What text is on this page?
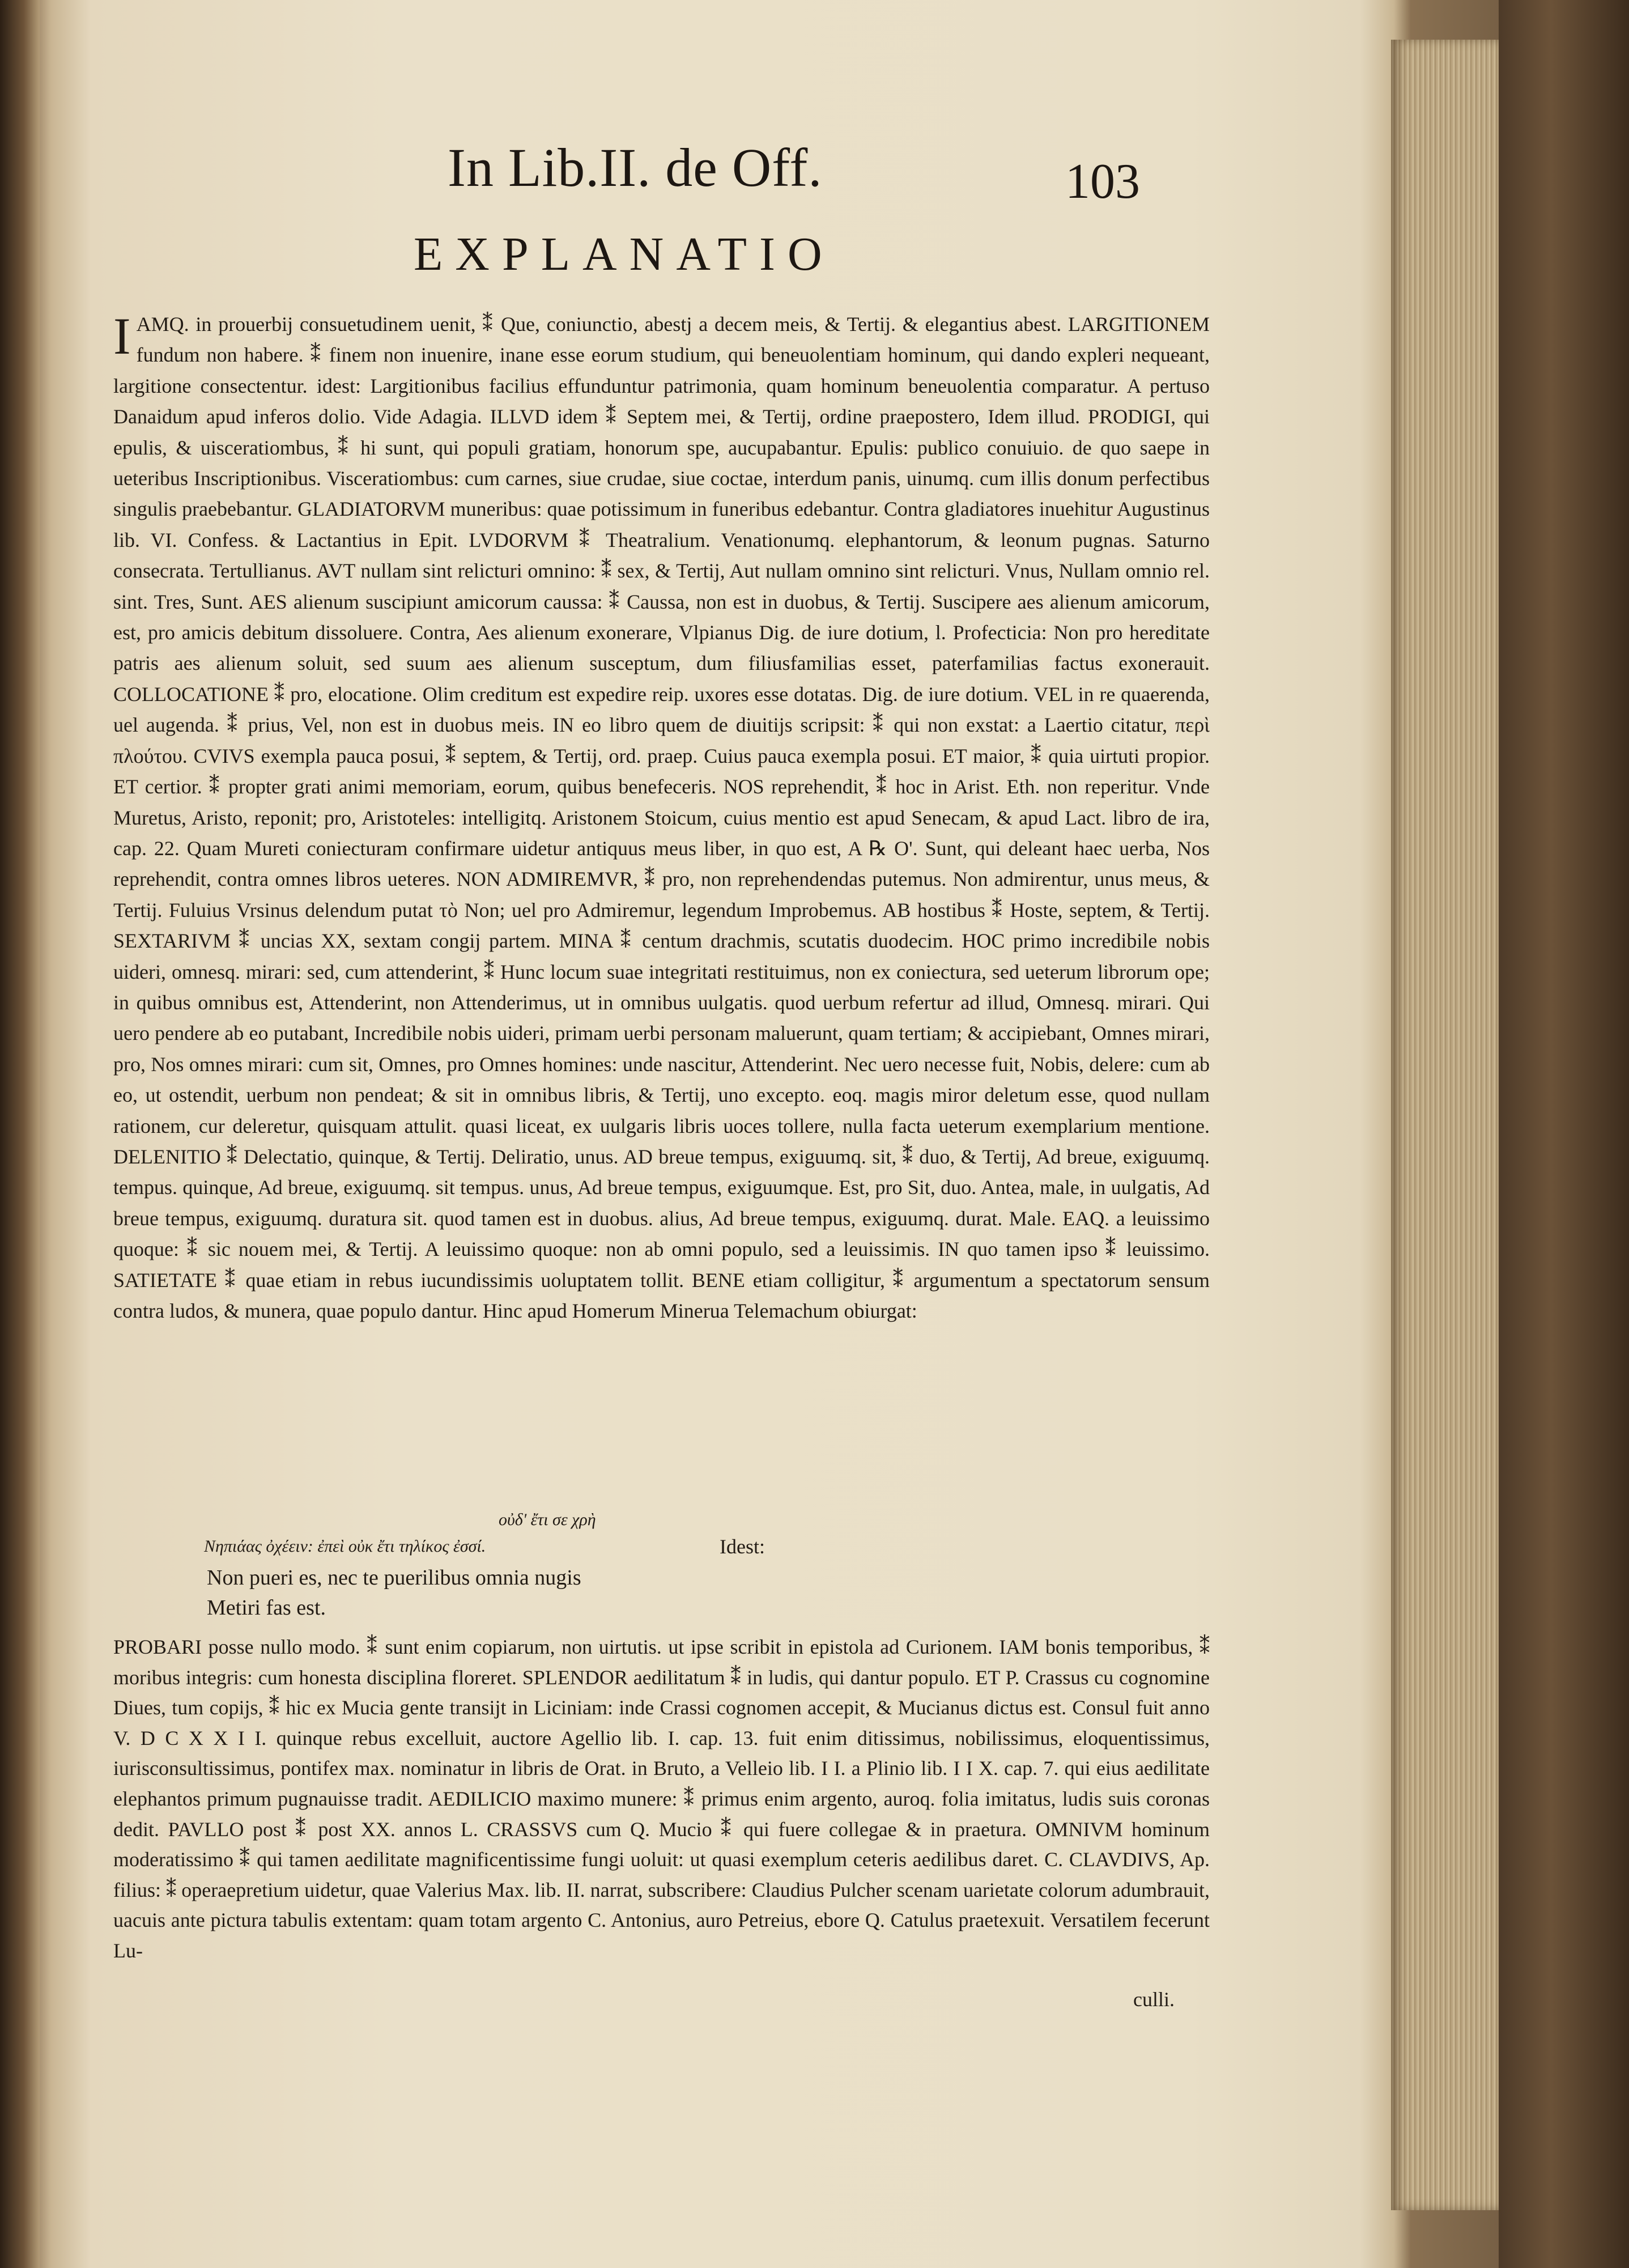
In Lib.II. de Off.	103
EXPLANATIO

IAMQ. in prouerbij consuetudinem uenit, ⁑ Que, coniunctio, abestj a decem meis, & Tertij. & elegantius abest. LARGITIONEM fundum non habere. ⁑ finem non inuenire, inane esse eorum studium, qui beneuolentiam hominum, qui dando expleri nequeant, largitione consectentur. idest: Largitionibus facilius effunduntur patrimonia, quam hominum beneuolentia comparatur. A pertuso Danaidum apud inferos dolio. Vide Adagia. ILLVD idem ⁑ Septem mei, & Tertij, ordine praepostero, Idem illud. PRODIGI, qui epulis, & uisceratiombus, ⁑ hi sunt, qui populi gratiam, honorum spe, aucupabantur. Epulis: publico conuiuio. de quo saepe in ueteribus Inscriptionibus. Visceratiombus: cum carnes, siue crudae, siue coctae, interdum panis, uinumq. cum illis donum perfectibus singulis praebebantur. GLADIATORVM muneribus: quae potissimum in funeribus edebantur. Contra gladiatores inuehitur Augustinus lib. VI. Confess. & Lactantius in Epit. LVDORVM ⁑ Theatralium. Venationumq. elephantorum, & leonum pugnas. Saturno consecrata. Tertullianus. AVT nullam sint relicturi omnino: ⁑ sex, & Tertij, Aut nullam omnino sint relicturi. Vnus, Nullam omnio rel. sint. Tres, Sunt. AES alienum suscipiunt amicorum caussa: ⁑ Caussa, non est in duobus, & Tertij. Suscipere aes alienum amicorum, est, pro amicis debitum dissoluere. Contra, Aes alienum exonerare, Vlpianus Dig. de iure dotium, l. Profecticia: Non pro hereditate patris aes alienum soluit, sed suum aes alienum susceptum, dum filiusfamilias esset, paterfamilias factus exonerauit. COLLOCATIONE ⁑ pro, elocatione. Olim creditum est expedire reip. uxores esse dotatas. Dig. de iure dotium. VEL in re quaerenda, uel augenda. ⁑ prius, Vel, non est in duobus meis. IN eo libro quem de diuitijs scripsit: ⁑ qui non exstat: a Laertio citatur, περὶ πλούτου. CVIVS exempla pauca posui, ⁑ septem, & Tertij, ord. praep. Cuius pauca exempla posui. ET maior, ⁑ quia uirtuti propior. ET certior. ⁑ propter grati animi memoriam, eorum, quibus benefeceris. NOS reprehendit, ⁑ hoc in Arist. Eth. non reperitur. Vnde Muretus, Aristo, reponit; pro, Aristoteles: intelligitq. Aristonem Stoicum, cuius mentio est apud Senecam, & apud Lact. libro de ira, cap. 22. Quam Mureti coniecturam confirmare uidetur antiquus meus liber, in quo est, A ℞ O'. Sunt, qui deleant haec uerba, Nos reprehendit, contra omnes libros ueteres. NON ADMIREMVR, ⁑ pro, non reprehendendas putemus. Non admirentur, unus meus, & Tertij. Fuluius Vrsinus delendum putat τὸ Non; uel pro Admiremur, legendum Improbemus. AB hostibus ⁑ Hoste, septem, & Tertij. SEXTARIVM ⁑ uncias XX, sextam congij partem. MINA ⁑ centum drachmis, scutatis duodecim. HOC primo incredibile nobis uideri, omnesq. mirari: sed, cum attenderint, ⁑ Hunc locum suae integritati restituimus, non ex coniectura, sed ueterum librorum ope; in quibus omnibus est, Attenderint, non Attenderimus, ut in omnibus uulgatis. quod uerbum refertur ad illud, Omnesq. mirari. Qui uero pendere ab eo putabant, Incredibile nobis uideri, primam uerbi personam maluerunt, quam tertiam; & accipiebant, Omnes mirari, pro, Nos omnes mirari: cum sit, Omnes, pro Omnes homines: unde nascitur, Attenderint. Nec uero necesse fuit, Nobis, delere: cum ab eo, ut ostendit, uerbum non pendeat; & sit in omnibus libris, & Tertij, uno excepto. eoq. magis miror deletum esse, quod nullam rationem, cur deleretur, quisquam attulit. quasi liceat, ex uulgaris libris uoces tollere, nulla facta ueterum exemplarium mentione. DELENITIO ⁑ Delectatio, quinque, & Tertij. Deliratio, unus. AD breue tempus, exiguumq. sit, ⁑ duo, & Tertij, Ad breue, exiguumq. tempus. quinque, Ad breue, exiguumq. sit tempus. unus, Ad breue tempus, exiguumque. Est, pro Sit, duo. Antea, male, in uulgatis, Ad breue tempus, exiguumq. duratura sit. quod tamen est in duobus. alius, Ad breue tempus, exiguumq. durat. Male. EAQ. a leuissimo quoque: ⁑ sic nouem mei, & Tertij. A leuissimo quoque: non ab omni populo, sed a leuissimis. IN quo tamen ipso ⁑ leuissimo. SATIETATE ⁑ quae etiam in rebus iucundissimis uoluptatem tollit. BENE etiam colligitur, ⁑ argumentum a spectatorum sensum contra ludos, & munera, quae populo dantur. Hinc apud Homerum Minerua Telemachum obiurgat:

οὐδ' ἔτι σε χρὴ
Νηπιάας ὀχέειν: ἐπεὶ οὐκ ἔτι τηλίκος ἐσσί.	Idest:
Non pueri es, nec te puerilibus omnia nugis
Metiri fas est.

PROBARI posse nullo modo. ⁑ sunt enim copiarum, non uirtutis. ut ipse scribit in epistola ad Curionem. IAM bonis temporibus, ⁑ moribus integris: cum honesta disciplina floreret. SPLENDOR aedilitatum ⁑ in ludis, qui dantur populo. ET P. Crassus cu cognomine Diues, tum copijs, ⁑ hic ex Mucia gente transijt in Licinіam: inde Crassi cognomen accepit, & Mucianus dictus est. Consul fuit anno V. D C X X I I. quinque rebus excelluit, auctore Agellio lib. I. cap. 13. fuit enim ditissimus, nobilissimus, eloquentissimus, iurisconsultissimus, pontifex max. nominatur in libris de Orat. in Bruto, a Velleio lib. I I. a Plinio lib. I I X. cap. 7. qui eius aedilitate elephantos primum pugnauisse tradit. AEDILICIO maximo munere: ⁑ primus enim argento, auroq. folia imitatus, ludis suis coronas dedit. PAVLLO post ⁑ post XX. annos L. CRASSVS cum Q. Mucio ⁑ qui fuere collegae & in praetura. OMNIVM hominum moderatissimo ⁑ qui tamen aedilitate magnificentissime fungi uoluit: ut quasi exemplum ceteris aedilibus daret. C. CLAVDIVS, Ap. filius: ⁑ operaepretium uidetur, quae Valerius Max. lib. II. narrat, subscribere: Claudius Pulcher scenam uarietate colorum adumbrauit, uacuis ante pictura tabulis extentam: quam totam argento C. Antonius, auro Petreius, ebore Q. Catulus praetexuit. Versatilem fecerunt Lu-

culli.
